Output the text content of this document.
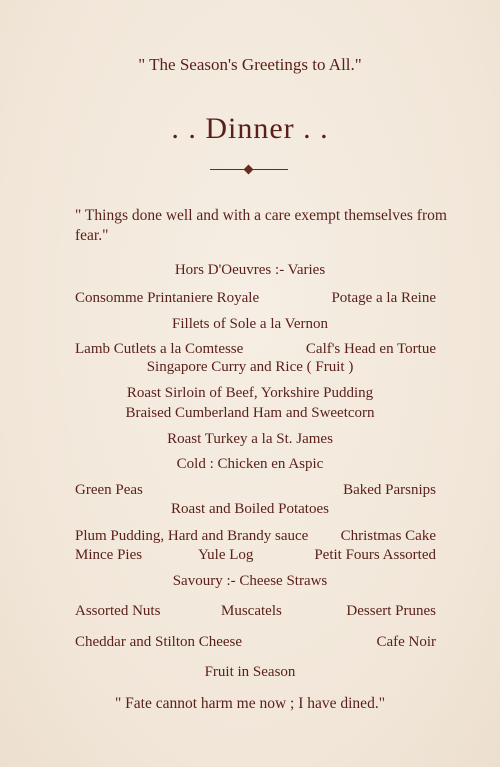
" The Season's Greetings to All."
. . Dinner . .
" Things done well and with a care exempt themselves from fear."
Hors D'Oeuvres :- Varies
Consomme Printaniere Royale	Potage a la Reine
Fillets of Sole a la Vernon
Lamb Cutlets a la Comtesse	Calf's Head en Tortue
Singapore Curry and Rice ( Fruit )
Roast Sirloin of Beef, Yorkshire Pudding
Braised Cumberland Ham and Sweetcorn
Roast Turkey a la St. James
Cold : Chicken en Aspic
Green Peas	Baked Parsnips
Roast and Boiled Potatoes
Plum Pudding, Hard and Brandy sauce Christmas Cake
Mince Pies	Yule Log	Petit Fours Assorted
Savoury :- Cheese Straws
Assorted Nuts	Muscatels	Dessert Prunes
Cheddar and Stilton Cheese	Cafe Noir
Fruit in Season
" Fate cannot harm me now ; I have dined."
